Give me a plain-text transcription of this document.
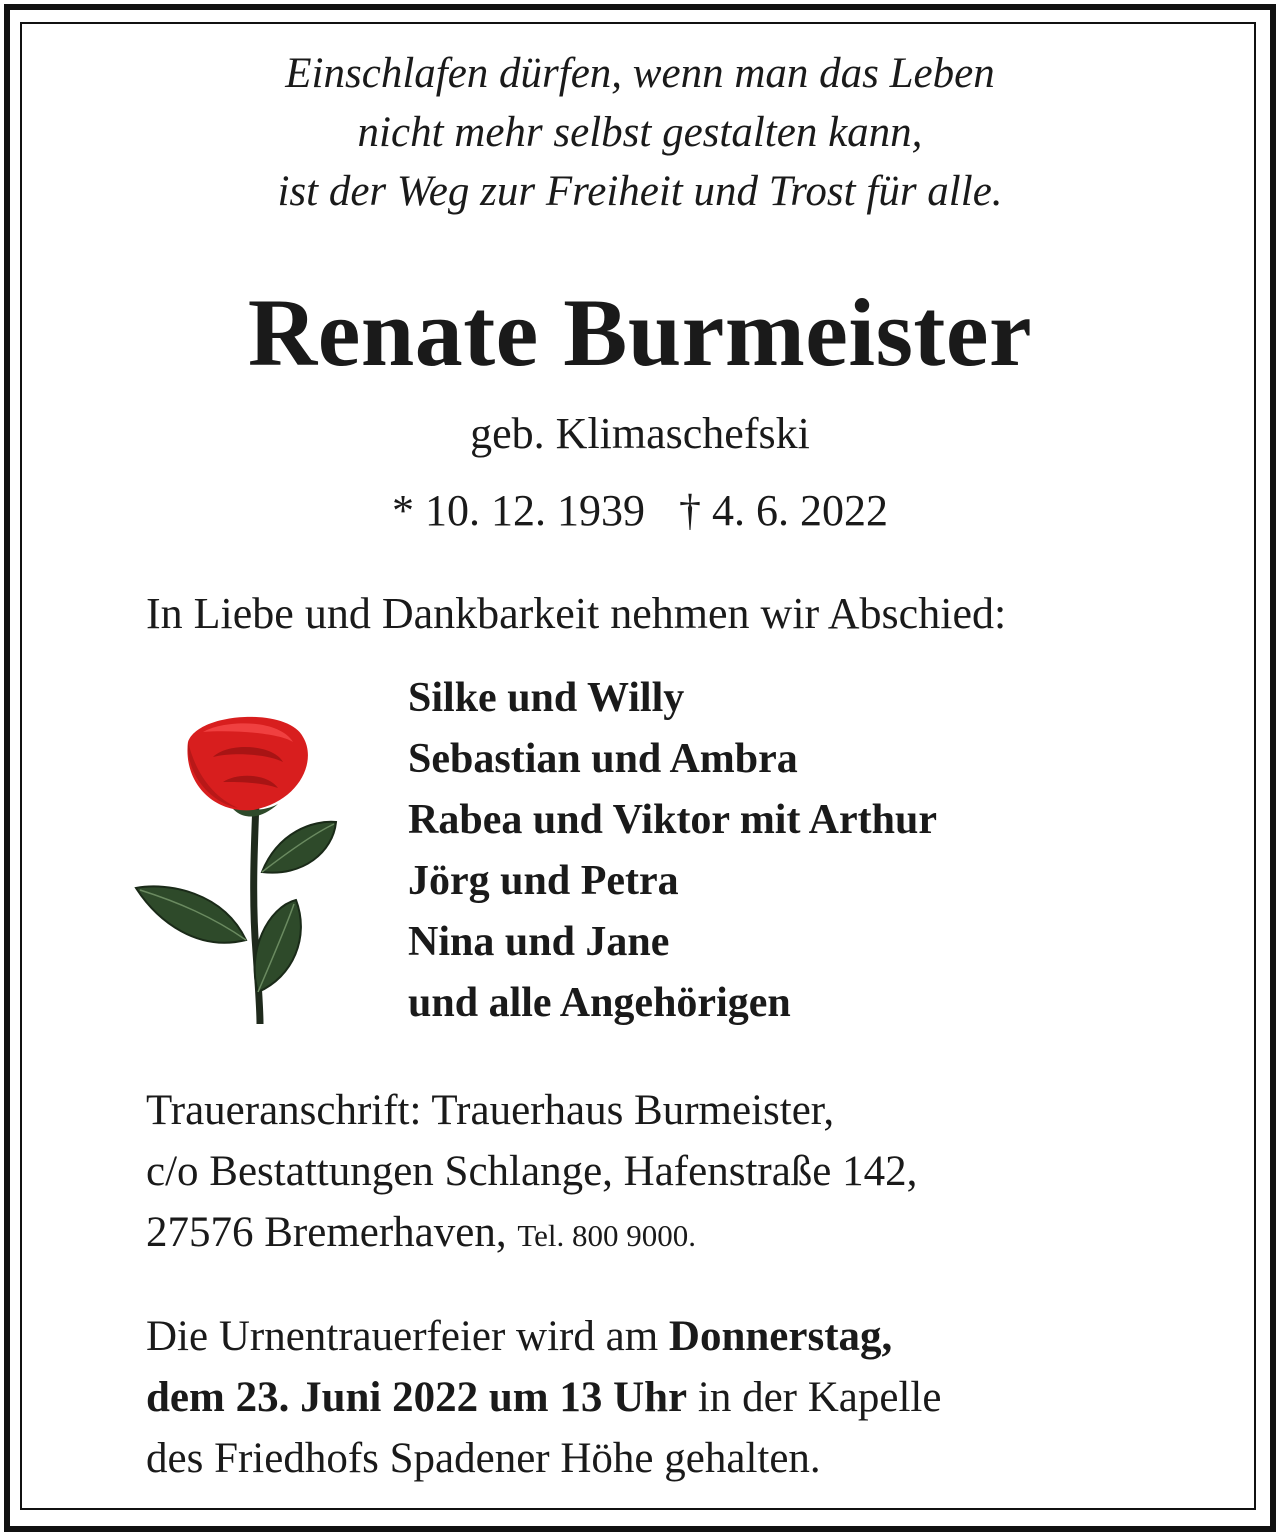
Einschlafen dürfen, wenn man das Leben
nicht mehr selbst gestalten kann,
ist der Weg zur Freiheit und Trost für alle.
Renate Burmeister
geb. Klimaschefski
* 10. 12. 1939 † 4. 6. 2022
In Liebe und Dankbarkeit nehmen wir Abschied:
Silke und Willy
Sebastian und Ambra
Rabea und Viktor mit Arthur
Jörg und Petra
Nina und Jane
und alle Angehörigen
Traueranschrift: Trauerhaus Burmeister,
c/o Bestattungen Schlange, Hafenstraße 142,
27576 Bremerhaven, Tel. 800 9000.
Die Urnentrauerfeier wird am Donnerstag,
dem 23. Juni 2022 um 13 Uhr in der Kapelle
des Friedhofs Spadener Höhe gehalten.
